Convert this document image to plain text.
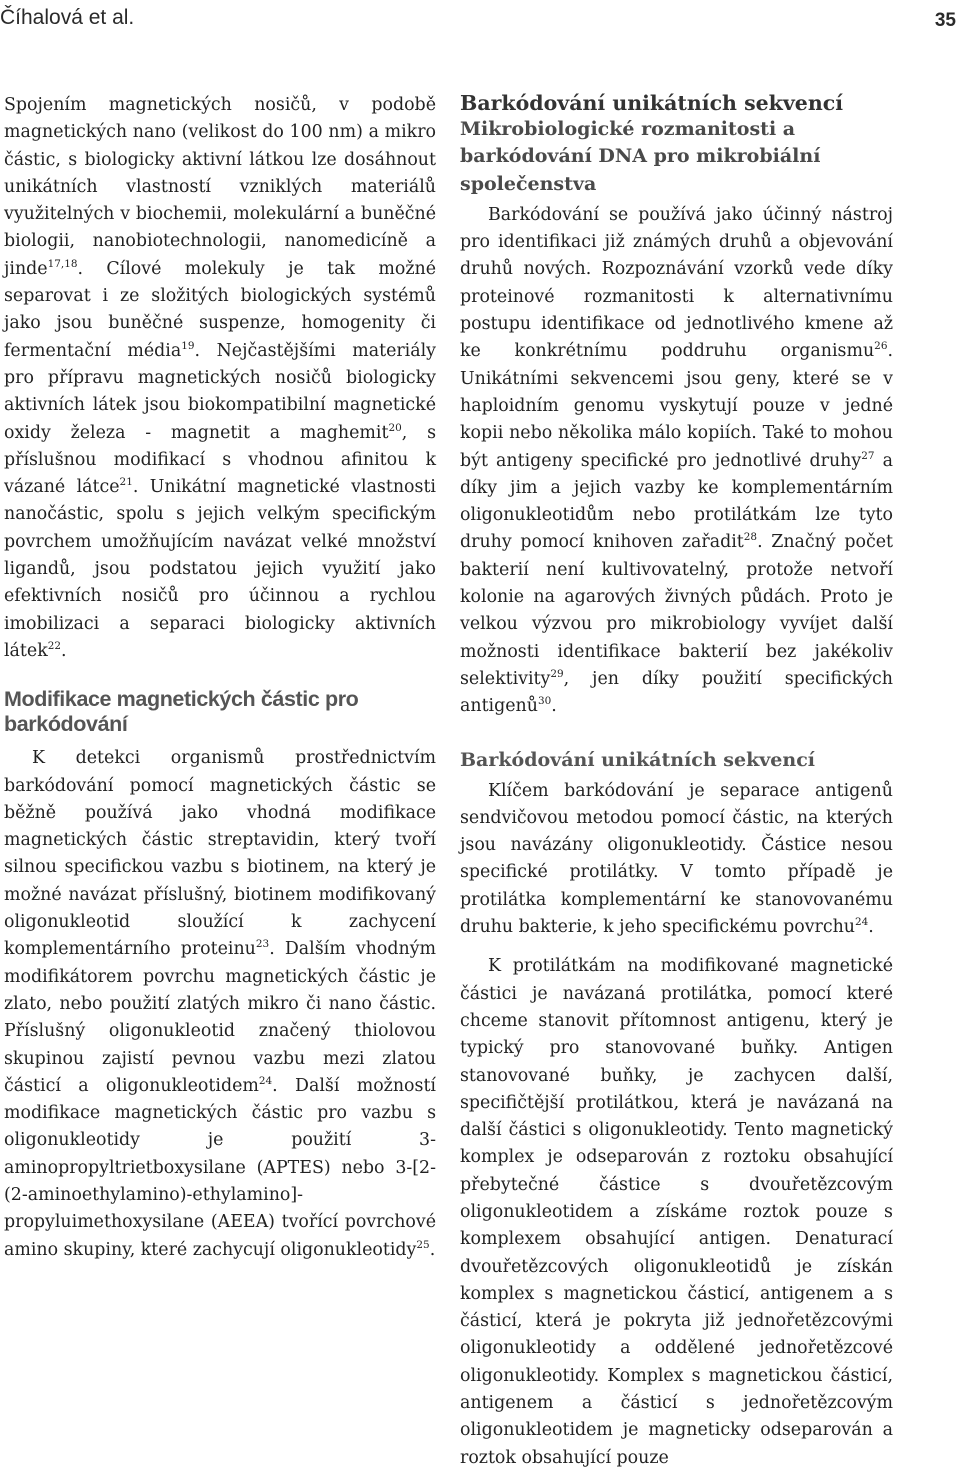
Číhalová et al.	35

Spojením magnetických nosičů, v podobě magnetických nano (velikost do 100 nm) a mikro částic, s biologicky aktivní látkou lze dosáhnout unikátních vlastností vzniklých materiálů využitelných v biochemii, molekulární a buněčné biologii, nanobiotechnologii, nanomedicíně a jinde$^{17,18}$. Cílové molekuly je tak možné separovat i ze složitých biologických systémů jako jsou buněčné suspenze, homogenity či fermentační média$^{19}$. Nejčastějšími materiály pro přípravu magnetických nosičů biologicky aktivních látek jsou biokompatibilní magnetické oxidy železa - magnetit a maghemit$^{20}$, s příslušnou modifikací s vhodnou afinitou k vázané látce$^{21}$. Unikátní magnetické vlastnosti nanočástic, spolu s jejich velkým specifickým povrchem umožňujícím navázat velké množství ligandů, jsou podstatou jejich využití jako efektivních nosičů pro účinnou a rychlou imobilizaci a separaci biologicky aktivních látek$^{22}$.

Modifikace magnetických částic pro barkódování

K detekci organismů prostřednictvím barkódování pomocí magnetických částic se běžně používá jako vhodná modifikace magnetických částic streptavidin, který tvoří silnou specifickou vazbu s biotinem, na který je možné navázat příslušný, biotinem modifikovaný oligonukleotid sloužící k zachycení komplementárního proteinu$^{23}$. Dalším vhodným modifikátorem povrchu magnetických částic je zlato, nebo použití zlatých mikro či nano částic. Příslušný oligonukleotid značený thiolovou skupinou zajistí pevnou vazbu mezi zlatou částicí a oligonukleotidem$^{24}$. Další možností modifikace magnetických částic pro vazbu s oligonukleotidy je použití 3-aminopropyltrietboxysilane (APTES) nebo 3-[2-(2-aminoethylamino)-ethylamino]-propyluimethoxysilane (AEEA) tvořící povrchové amino skupiny, které zachycují oligonukleotidy$^{25}$.

Barkódování unikátních sekvencí
Mikrobiologické rozmanitosti a barkódování DNA pro mikrobiální společenstva

Barkódování se používá jako účinný nástroj pro identifikaci již známých druhů a objevování druhů nových. Rozpoznávání vzorků vede díky proteinové rozmanitosti k alternativnímu postupu identifikace od jednotlivého kmene až ke konkrétnímu poddruhu organismu$^{26}$. Unikátními sekvencemi jsou geny, které se v haploidním genomu vyskytují pouze v jedné kopii nebo několika málo kopiích. Také to mohou být antigeny specifické pro jednotlivé druhy$^{27}$ a díky jim a jejich vazby ke komplementárním oligonukleotidům nebo protilátkám lze tyto druhy pomocí knihoven zařadit$^{28}$. Značný počet bakterií není kultivovatelný, protože netvoří kolonie na agarových živných půdách. Proto je velkou výzvou pro mikrobiology vyvíjet další možnosti identifikace bakterií bez jakékoliv selektivity$^{29}$, jen díky použití specifických antigenů$^{30}$.

Barkódování unikátních sekvencí

Klíčem barkódování je separace antigenů sendvičovou metodou pomocí částic, na kterých jsou navázány oligonukleotidy. Částice nesou specifické protilátky. V tomto případě je protilátka komplementární ke stanovovanému druhu bakterie, k jeho specifickému povrchu$^{24}$.

K protilátkám na modifikované magnetické částici je navázaná protilátka, pomocí které chceme stanovit přítomnost antigenu, který je typický pro stanovované buňky. Antigen stanovované buňky, je zachycen další, specifičtější protilátkou, která je navázaná na další částici s oligonukleotidy. Tento magnetický komplex je odseparován z roztoku obsahující přebytečné částice s dvouřetězcovým oligonukleotidem a získáme roztok pouze s komplexem obsahující antigen. Denaturací dvouřetězcových oligonukleotidů je získán komplex s magnetickou částicí, antigenem a s částicí, která je pokryta již jednořetězcovými oligonukleotidy a oddělené jednořetězcové oligonukleotidy. Komplex s magnetickou částicí, antigenem a částicí s jednořetězcovým oligonukleotidem je magneticky odseparován a roztok obsahující pouze
